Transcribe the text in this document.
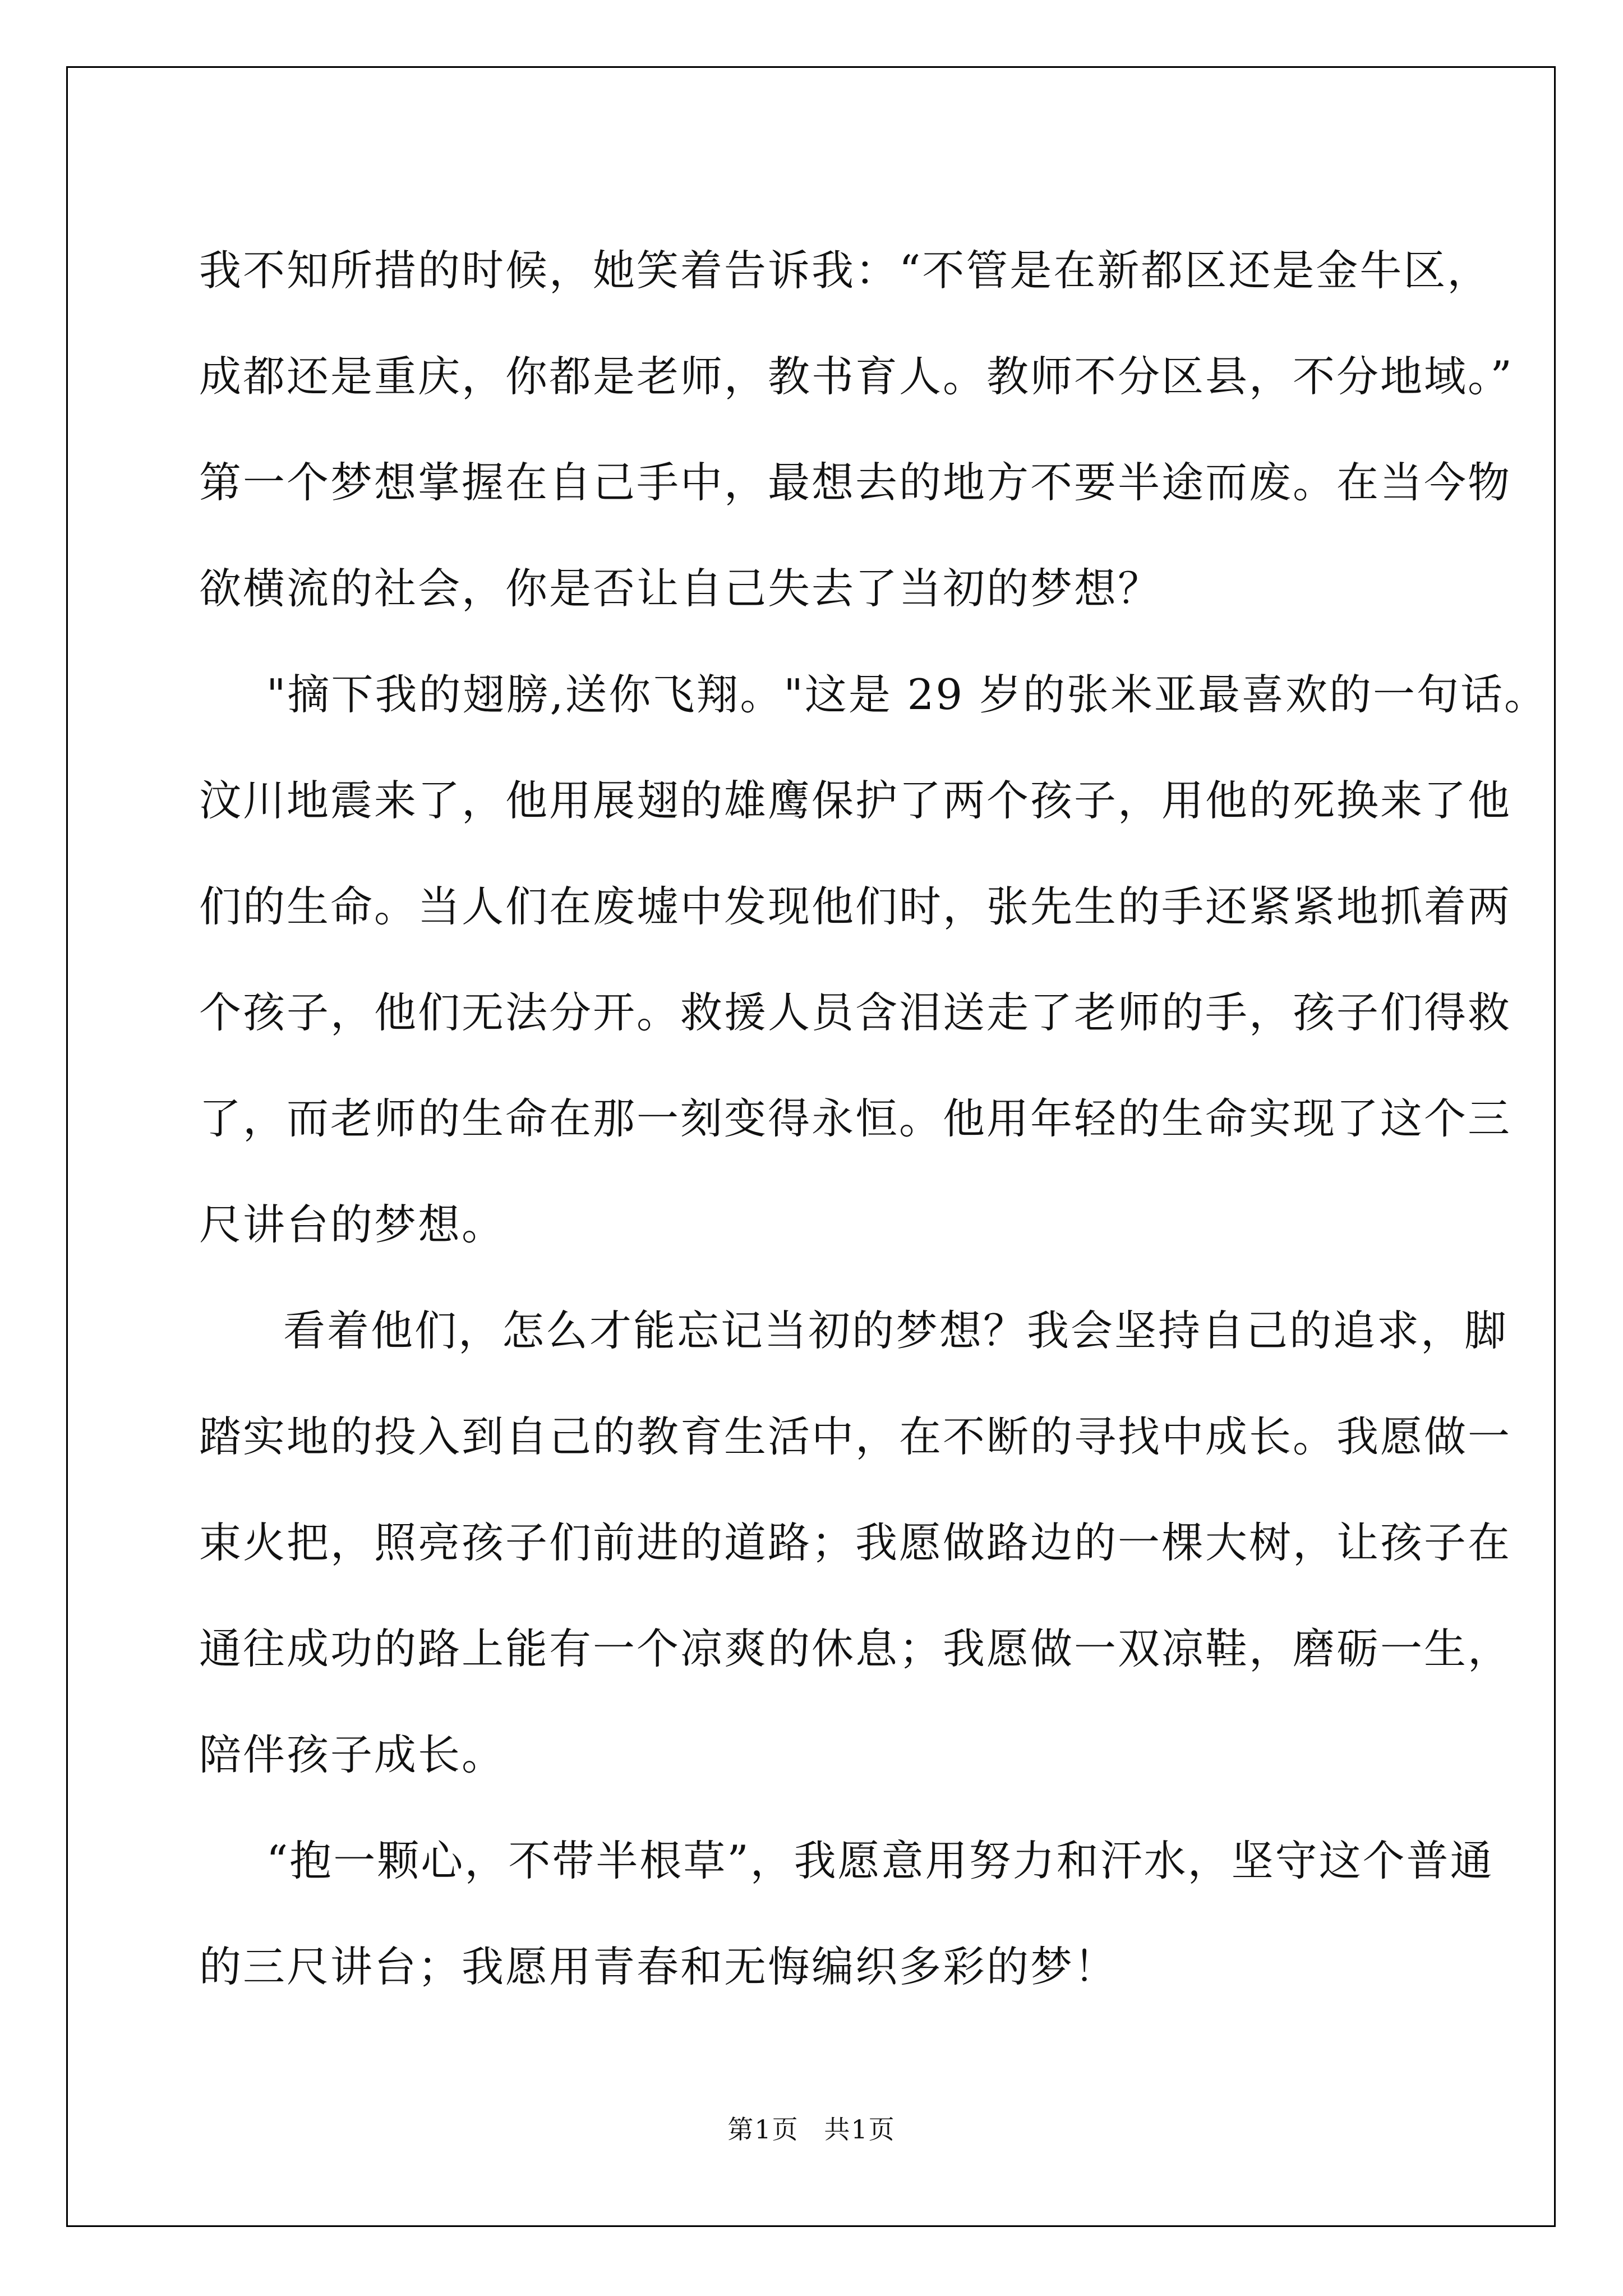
我不知所措的时候，她笑着告诉我：“不管是在新都区还是金牛区，
成都还是重庆，你都是老师，教书育人。教师不分区县，不分地域。”
第一个梦想掌握在自己手中，最想去的地方不要半途而废。在当今物
欲横流的社会，你是否让自己失去了当初的梦想？

"摘下我的翅膀,送你飞翔。"这是 29 岁的张米亚最喜欢的一句话。
汶川地震来了，他用展翅的雄鹰保护了两个孩子，用他的死换来了他
们的生命。当人们在废墟中发现他们时，张先生的手还紧紧地抓着两
个孩子，他们无法分开。救援人员含泪送走了老师的手，孩子们得救
了，而老师的生命在那一刻变得永恒。他用年轻的生命实现了这个三
尺讲台的梦想。

看着他们，怎么才能忘记当初的梦想？我会坚持自己的追求，脚
踏实地的投入到自己的教育生活中，在不断的寻找中成长。我愿做一
束火把，照亮孩子们前进的道路；我愿做路边的一棵大树，让孩子在
通往成功的路上能有一个凉爽的休息；我愿做一双凉鞋，磨砺一生，
陪伴孩子成长。

“抱一颗心，不带半根草”，我愿意用努力和汗水，坚守这个普通
的三尺讲台；我愿用青春和无悔编织多彩的梦！

第1页 共1页
